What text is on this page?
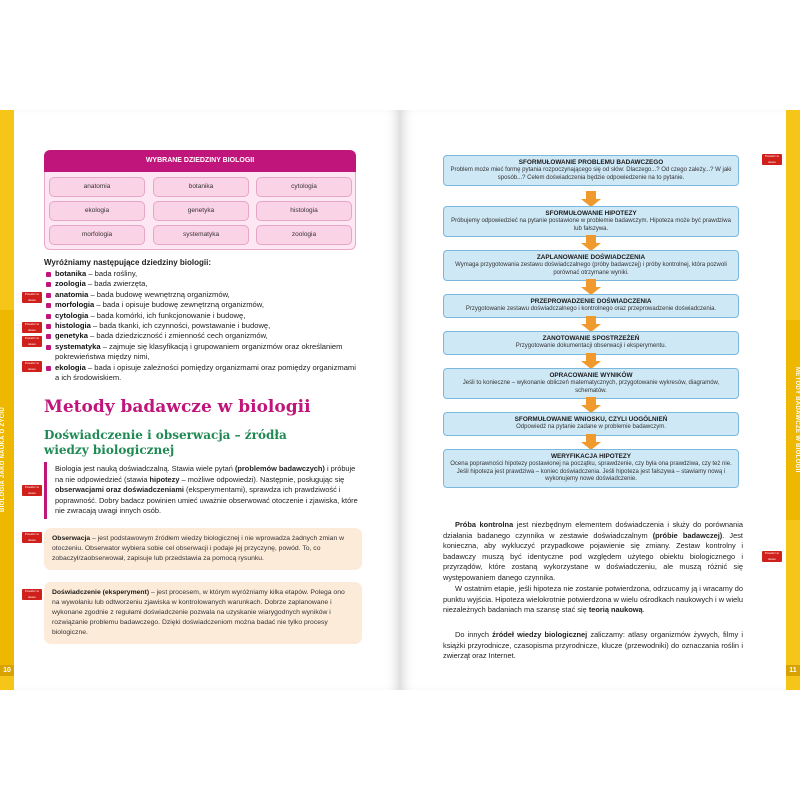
BIOLOGIA JAKO NAUKA O ŻYCIU
10
WYBRANE DZIEDZINY BIOLOGII
anatomia	botanika	cytologia
ekologia	genetyka	histologia
morfologia	systematyka	zoologia
Wyróżniamy następujące dziedziny biologii:
botanika – bada rośliny,
zoologia – bada zwierzęta,
anatomia – bada budowę wewnętrzną organizmów,
morfologia – bada i opisuje budowę zewnętrzną organizmów,
cytologia – bada komórki, ich funkcjonowanie i budowę,
histologia – bada tkanki, ich czynności, powstawanie i budowę,
genetyka – bada dziedziczność i zmienność cech organizmów,
systematyka – zajmuje się klasyfikacją i grupowaniem organizmów oraz określaniem
pokrewieństwa między nimi,
ekologia – bada i opisuje zależności pomiędzy organizmami oraz pomiędzy organizmami
a ich środowiskiem.
Powtórz to słowo
Powtórz to słowo
Powtórz to słowo
Powtórz to słowo
Powtórz to słowo
Powtórz to słowo
Powtórz to słowo
Metody badawcze w biologii
Doświadczenie i obserwacja – źródła wiedzy biologicznej

Biologia jest nauką doświadczalną. Stawia wiele pytań (problemów badawczych) i próbuje na nie odpowiedzieć (stawia hipotezy – możliwe odpowiedzi). Następnie, posługując się obserwacjami oraz doświadczeniami (eksperymentami), sprawdza ich prawdziwość i poprawność. Dobry badacz powinien umieć uważnie obserwować otoczenie i zjawiska, które nie zwracają uwagi innych osób.

Obserwacja – jest podstawowym źródłem wiedzy biologicznej i nie wprowadza żadnych zmian w otoczeniu. Obserwator wybiera sobie cel obserwacji i podaje jej przyczynę, powód. To, co zobaczył/zaobserwował, zapisuje lub przedstawia za pomocą rysunku.

Doświadczenie (eksperyment) – jest procesem, w którym wyróżniamy kilka etapów. Polega ono na wywołaniu lub odtworzeniu zjawiska w kontrolowanych warunkach. Dobrze zaplanowane i wykonane zgodnie z regułami doświadczenie pozwala na uzyskanie wiarygodnych wyników i rozwiązanie problemu badawczego. Dzięki doświadczeniom można badać nie tylko procesy biologiczne.

METODY BADAWCZE W BIOLOGII
11
Powtórz to słowo
Powtórz to słowo
SFORMUŁOWANIE PROBLEMU BADAWCZEGO
Problem może mieć formę pytania rozpoczynającego się od słów: Dlaczego...? Od czego zależy...? W jaki sposób...? Celem doświadczenia będzie odpowiedzenie na to pytanie.
SFORMUŁOWANIE HIPOTEZY
Próbujemy odpowiedzieć na pytanie postawione w problemie badawczym. Hipoteza może być prawdziwa lub fałszywa.
ZAPLANOWANIE DOŚWIADCZENIA
Wymaga przygotowania zestawu doświadczalnego (próby badawczej) i próby kontrolnej, która pozwoli porównać otrzymane wyniki.
PRZEPROWADZENIE DOŚWIADCZENIA
Przygotowanie zestawu doświadczalnego i kontrolnego oraz przeprowadzenie doświadczenia.
ZANOTOWANIE SPOSTRZEŻEŃ
Przygotowanie dokumentacji obserwacji i eksperymentu.
OPRACOWANIE WYNIKÓW
Jeśli to konieczne – wykonanie obliczeń matematycznych, przygotowanie wykresów, diagramów, schematów.
SFORMUŁOWANIE WNIOSKU, CZYLI UOGÓLNIEŃ
Odpowiedź na pytanie zadane w problemie badawczym.
WERYFIKACJA HIPOTEZY
Ocena poprawności hipotezy postawionej na początku, sprawdzenie, czy była ona prawdziwa, czy też nie. Jeśli hipoteza jest prawdziwa – koniec doświadczenia. Jeśli hipoteza jest fałszywa – stawiamy nową i wykonujemy nowe doświadczenie.

Próba kontrolna jest niezbędnym elementem doświadczenia i służy do porównania działania badanego czynnika w zestawie doświadczalnym (próbie badawczej). Jest konieczna, aby wykluczyć przypadkowe pojawienie się zmiany. Zestaw kontrolny i badawczy muszą być identyczne pod względem użytego obiektu biologicznego i przyrządów, które zostaną wykorzystane w doświadczeniu, ale muszą różnić się występowaniem danego czynnika.

W ostatnim etapie, jeśli hipoteza nie zostanie potwierdzona, odrzucamy ją i wracamy do punktu wyjścia. Hipoteza wielokrotnie potwierdzona w wielu ośrodkach naukowych i w wielu niezależnych badaniach ma szansę stać się teorią naukową.

Do innych źródeł wiedzy biologicznej zaliczamy: atlasy organizmów żywych, filmy i książki przyrodnicze, czasopisma przyrodnicze, klucze (przewodniki) do oznaczania roślin i zwierząt oraz Internet.
